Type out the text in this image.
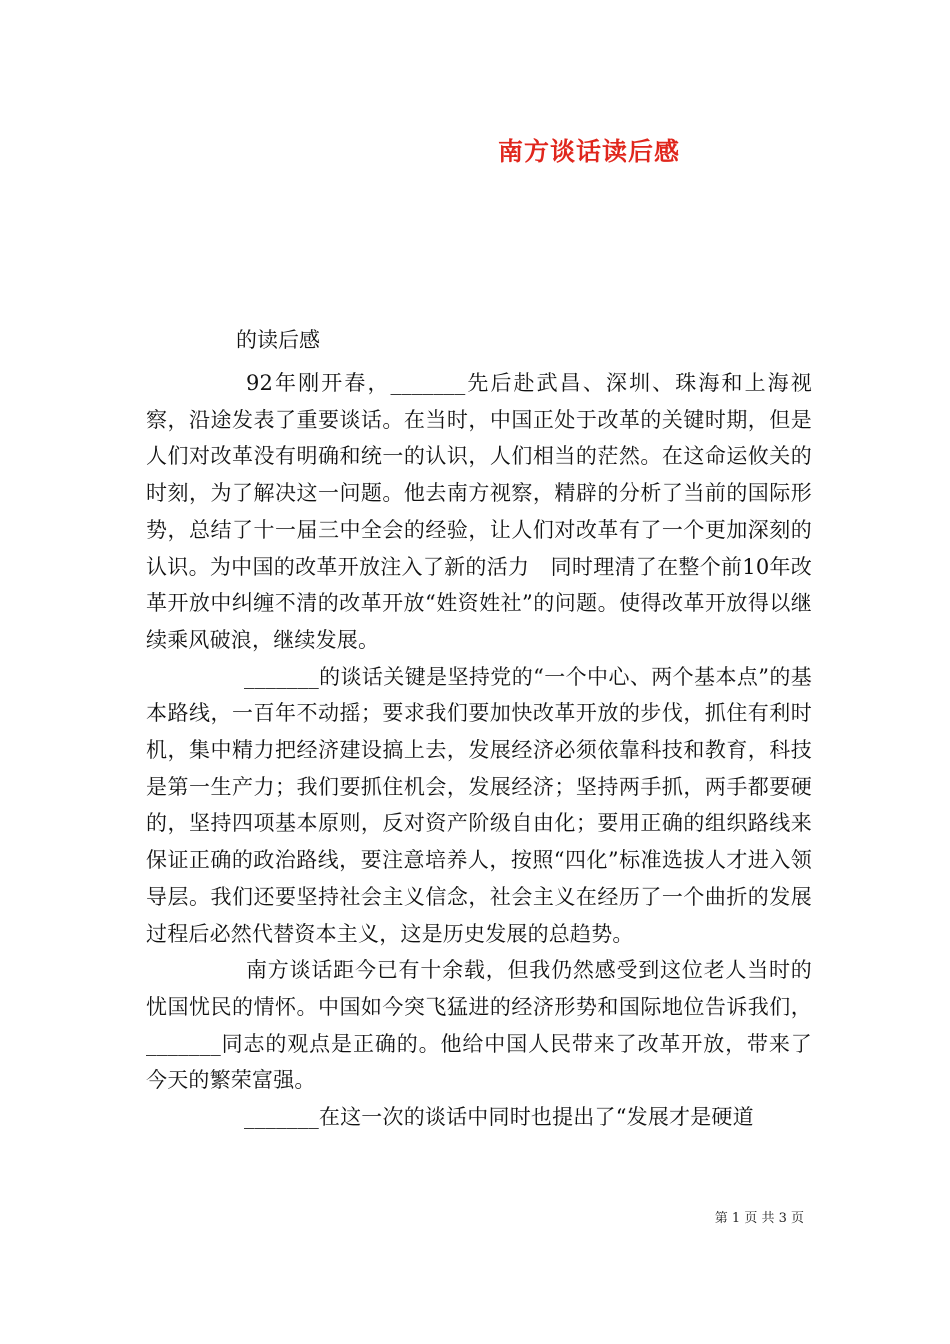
南方谈话读后感
的读后感

92年刚开春，_______先后赴武昌、深圳、珠海和上海视察，沿途发表了重要谈话。在当时，中国正处于改革的关键时期，但是人们对改革没有明确和统一的认识，人们相当的茫然。在这命运攸关的时刻，为了解决这一问题。他去南方视察，精辟的分析了当前的国际形势，总结了十一届三中全会的经验，让人们对改革有了一个更加深刻的认识。为中国的改革开放注入了新的活力　同时理清了在整个前10年改革开放中纠缠不清的改革开放“姓资姓社”的问题。使得改革开放得以继续乘风破浪，继续发展。

_______的谈话关键是坚持党的“一个中心、两个基本点”的基本路线，一百年不动摇；要求我们要加快改革开放的步伐，抓住有利时机，集中精力把经济建设搞上去，发展经济必须依靠科技和教育，科技是第一生产力；我们要抓住机会，发展经济；坚持两手抓，两手都要硬的，坚持四项基本原则，反对资产阶级自由化；要用正确的组织路线来保证正确的政治路线，要注意培养人，按照“四化”标准选拔人才进入领导层。我们还要坚持社会主义信念，社会主义在经历了一个曲折的发展过程后必然代替资本主义，这是历史发展的总趋势。

南方谈话距今已有十余载，但我仍然感受到这位老人当时的忧国忧民的情怀。中国如今突飞猛进的经济形势和国际地位告诉我们，_______同志的观点是正确的。他给中国人民带来了改革开放，带来了今天的繁荣富强。

_______在这一次的谈话中同时也提出了“发展才是硬道

第 1 页 共 3 页
